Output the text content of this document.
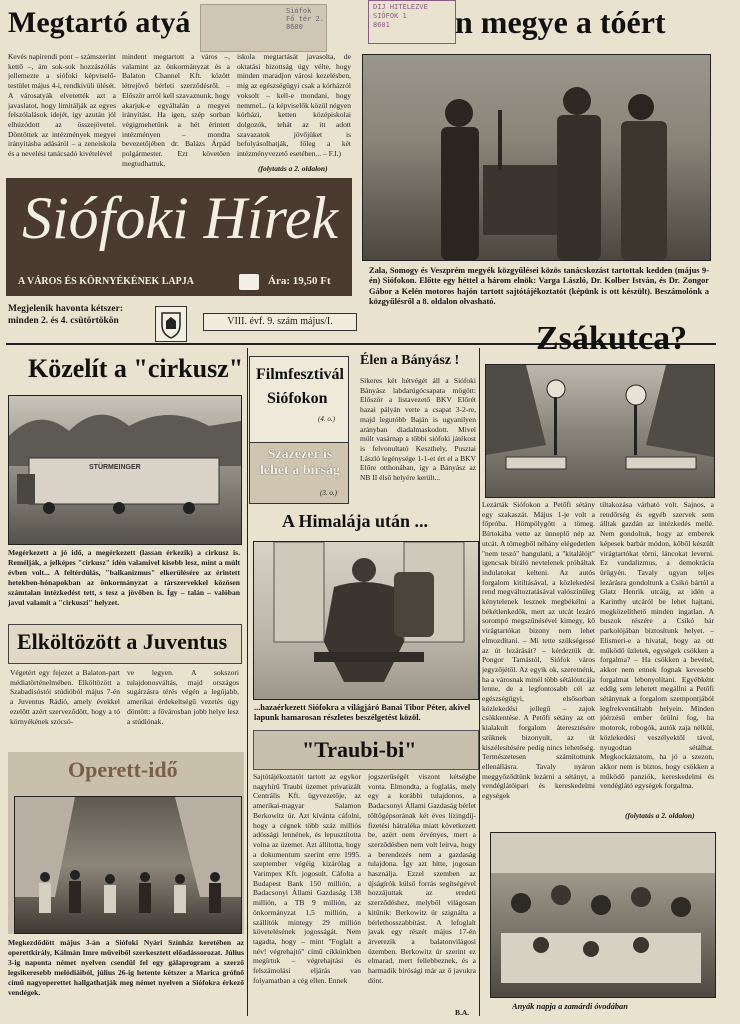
Megtartó atyá	Siófok
Fő tér 2.
8600
DIJ HITELEZVE
SIÓFOK 1
8601
Kevés napirendi pont – számszerint kettő –, ám sok-sok hozzászólás jellemezte a siófoki képviselő-testület május 4-i, rendkívüli ülését. A városatyák elvetették azt a javaslatot, hogy limitálják az egyes felszólalások idejét, így azután jól elhúzódott az összejövetel. Döntöttek az intézmények megyei irányításba adásáról – a zeneiskola és a nevelési tanácsadó kivételével
mindent megtartott a város –, valamint az önkormányzat és a Balaton Channel Kft. között létrejövő bérleti szerződésről. – Először arról kell szavaznunk, hogy akarjuk-e egyáltalán a megyei irányítást. Ha igen, szép sorban végigmehetünk a hét érintett intézményen – mondta bevezetőjében dr. Balázs Árpád polgármester. Ezt követően megtudhattuk,
iskola megtartását javasolta, de oktatási bizottság úgy vélte, hogy minden maradjon városi kezelésben, míg az egészségügyi csak a kórházról voksolt – kell-e mondani, hogy nemmel... (a képviselők közül négyen kórházi, ketten középiskolai dolgozók, tehát az itt adott szavazatok jövőjüket is befolyásolhatják, főleg a két intézményvezető esetében... – F.I.)
(folytatás a 2. oldalon)
Siófoki Hírek
A VÁROS ÉS KÖRNYÉKÉNEK LAPJA	Ára: 19,50 Ft
Megjelenik havonta kétszer:
minden 2. és 4. csütörtökön	VIII. évf. 9. szám május/I.
n megye a tóért
Zala, Somogy és Veszprém megyék közgyűlései közös tanácskozást tartottak kedden (május 9-én) Siófokon. Előtte egy héttel a három elnök: Varga László, Dr. Kolber István, és Dr. Zongor Gábor a Kelén motoros hajón tartott sajtótájékoztatót (képünk is ott készült). Beszámolónk a közgyűlésről a 8. oldalon olvasható.
Közelít a "cirkusz"
STÜRMEINGER
Megérkezett a jó idő, a megérkezett (lassan érkezik) a cirkusz is. Remélják, a jelképes "cirkusz" idén valamivel kisebb lesz, mint a múlt évben volt... A feltérdúlás, "balkanizmus" elkerülésére az érintett hetekben-hónapokban az önkormányzat a társzervekkel közösen számtalan intézkedést tett, s tesz a jövőben is. Így – talán – valóban javul valamit a "cirkuszi" helyzet.
Filmfesztivál
Siófokon
(4. o.)
Százezer is lehet a bírság
(3. o.)
Élen a Bányász !
Sikeres két hétvégét áll a Siófoki Bányász labdarúgócsapata mögött: Először a listavezető BKV Előrét hazai pályán verte a csapat 3-2-re, majd legutóbb Baján is ugyanilyen arányban diadalmaskodott. Mivel múlt vasárnap a többi siófoki játékost is felvonultató Keszthely, Pusztai László legénysége 1-1-et ért el a BKV Előre otthonában, így a Bányász az NB II élső helyére került...
Zsákutca?
Lezárták Siófokon a Petőfi sétány egy szakaszát. Május 1-je volt a főpróba. Hömpölygött a tömeg. Bírtokába vette az ünneplő nép az utcát. A tömegből néhány elégedetlen "nem teszó" hangulatú, a "kitalálójt" igencsak bíráló nevtelenek próbáltak indulatokat kelteni. Az autós forgalom kitiltásával, a közlekedési rend megváltoztatásával valószínűleg kénytelenek lesznek megbékélni a békétlenkedők, mert az utcát lezáró sorompó megszűnésével kimegy, kő virágtartókat bizony nem lehet elmozdítani. – Mi tette szükségessé az út lezárását? – kérdeztük dr. Pongor Tamástól, Siófok város jegyzőjétől. Az egyik ok, szeretnénk, ha a városnak minél több sétálóutcája lenne, de a legfontosabb cél az egészségügyi, elsősorban közlekedési jellegű – zajok csökkentése. A Petőfi sétány az ott kialakult forgalom áteresztésére szűknek bizonyult, az út kiszélesítésére pedig nincs lehetőség. Természetesen számítottunk ellenállásra. Tavaly nyáron meggyőződtünk lezárni a sétányt, a vendéglátóipari és kereskedelmi egységek
tiltakozása várható volt. Sajnos, a rendőrség és egyéb szervek sem álltak gazdán az intézkedés mellé. Nem gondoltuk, hogy az emberek képesek barbár módon, kőből készült virágtartókat törni, láncokat leverni. Ez vandalizmus, a demokrácia ürügyén. Tavaly ugyan teljes lezárásra gondoltunk a Csikó bártól a Glatz Henrik utcáig, az idén a Karinthy utcáról be lehet hajtani, megközelíthető minden ingatlan. A buszok részére a Csikó bár parkolójában biztosítunk helyet. – Elismeri-e a hivatal, hogy az ott működő üzletek, egységek csökken a forgalma? – Ha csökken a bevétel, akkor nem ennek fognak kevesebb forgalmat lebonyolítani. Egyébként eddig sem lehetett megállni a Petőfi sétánynak a forgalom szempontjából legfrekventáltabb helyein. Minden jóérzésű ember örülni fog, ha motorok, robogók, autók zaja nélkül, közlekedési veszélyektől távol, nyugodtan sétálhat. Megkockáztatom, ha jó a szezon, akkor nem is biztos, hogy csökken a működő panziók, kereskedelmi és vendéglátó egységek forgalma.
(folytatás a 2. oldalon)
A Himalája után ...
...hazaérkezett Siófokra a világjáró Banai Tibor Péter, akivel lapunk hamarosan részletes beszélgetést közöl.
Elköltözött a Juventus
Végetért egy fejezet a Balaton-part médiatörténelmében. Elköltözött a Szabadisóstói stúdióból május 7-én a Juventus Rádió, amely évekkel ezelőtt azért szerveződött, hogy a tó környékének szócsö-
ve legyen. A sokszori tulajdonosváltás, majd országos sugárzásra térés végén a legújabb, amerikai érdekeltségű vezetés úgy döntött: a fővárosban jobb helye lesz a stúdiónak.
Operett-idő
Megkezdődött május 3-án a Siófoki Nyári Színház keretében az operettkirály, Kálmán Imre műveiből szerkesztett előadássorozat. Július 3-ig naponta német nyelven csendül fel egy gálaprogram a szerző legsikeresebb melódiáiból, július 26-ig hetente kétszer a Marica grófnő című nagyoperettet hallgathatják meg német nyelven a Siófokra érkező vendégek.
"Traubi-bi"
Sajtótájékoztatót tartott az egykor nagyhírű Traubi üzemet privatizált Centrális Kft. ügyvezetője, az amerikai-magyar Salamon Berkowitz úr. Azt kívánta cáfolni, hogy a cégnek több száz milliós adóssági lennének, és lepusztította volna az üzemet. Azt állította, hogy a dokumentum szerint erre 1995. szeptember végéig kizárólag a Varimpex Kft. jogosult. Cáfolta a Budapest Bank 150 millión, a Badacsonyi Állami Gazdaság 138 millión, a TB 9 millión, az önkormányzat 1,5 millión, a szállítók mintegy 29 millión követelésének jogosságát. Nem tagadta, hogy – mint "Foglalt a név! végrehajtó" című cikkünkben megírtuk – végrehajtási és felszámolási eljárás van folyamatban a cég ellen. Ennek
jogszerűségét viszont kétségbe vonta. Elmondta, a foglalás, mely egy a korábbi tulajdonos, a Badacsonyi Állami Gazdaság bérlet töltőgépsorának két éves lízingdíj-fizetési hátraléka miatt következett be, azért nem érvényes, mert a szerződésben nem volt leírva, hogy a berendezés nem a gazdaság tulajdona. Így azt hitte, jogosan használja. Ezzel szemben az újságírók külső forrás segítségével hozzájuttak az eredeti szerződéshez, melyből világosan kitűnik: Berkowitz úr szignálta a bérlethosszabbítást. A lefoglalt javak egy részét május 17-én árverezik a balatonvilágosi üzemben. Berkowitz úr szerint ez elmarad, mert fellebbeznek, és a harmadik bírósági már az ő javukra dönt.
B.A.
Anyák napja a zamárdi óvodában
